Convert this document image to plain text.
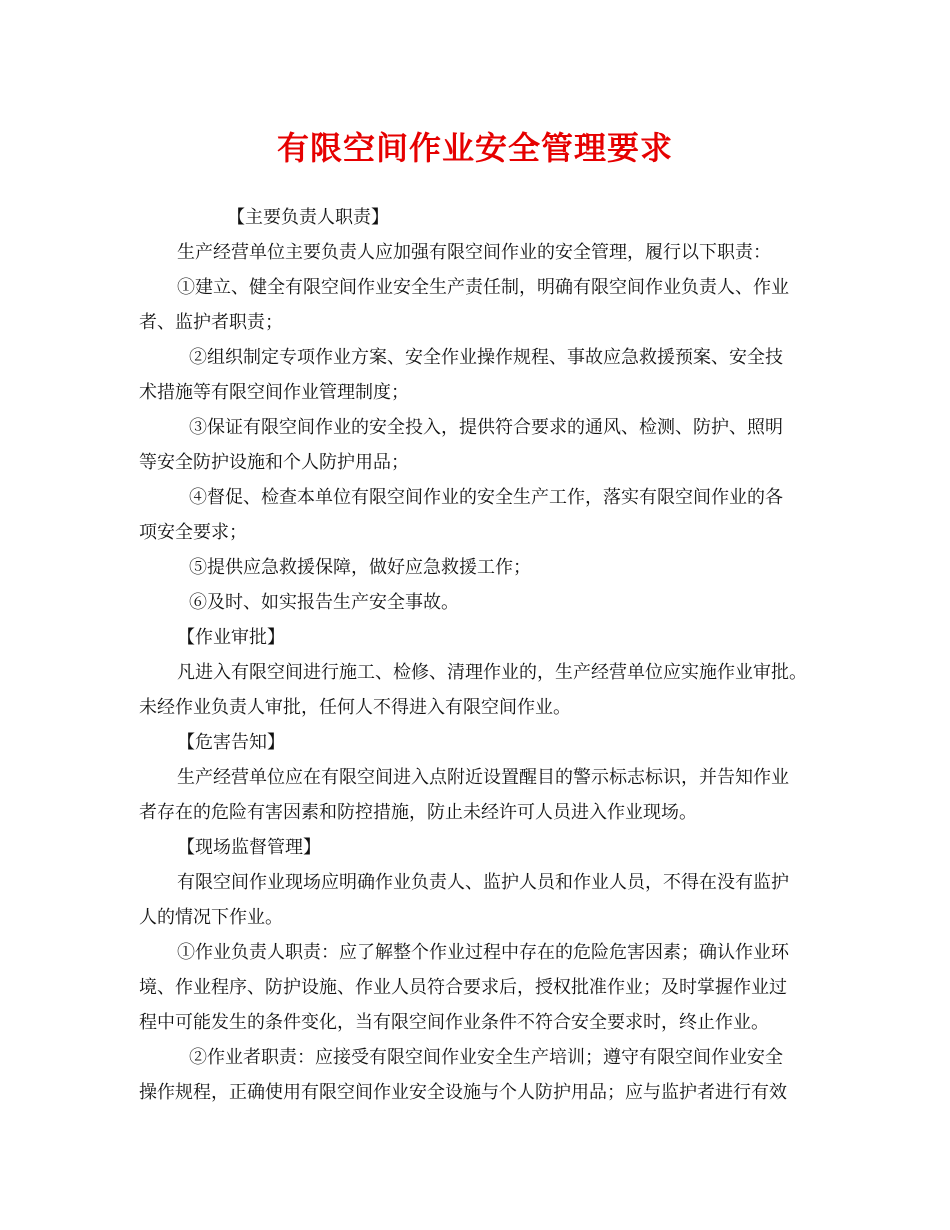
有限空间作业安全管理要求
【主要负责人职责】
生产经营单位主要负责人应加强有限空间作业的安全管理，履行以下职责：
①建立、健全有限空间作业安全生产责任制，明确有限空间作业负责人、作业
者、监护者职责；
②组织制定专项作业方案、安全作业操作规程、事故应急救援预案、安全技
术措施等有限空间作业管理制度；
③保证有限空间作业的安全投入，提供符合要求的通风、检测、防护、照明
等安全防护设施和个人防护用品；
④督促、检查本单位有限空间作业的安全生产工作，落实有限空间作业的各
项安全要求；
⑤提供应急救援保障，做好应急救援工作；
⑥及时、如实报告生产安全事故。
【作业审批】
凡进入有限空间进行施工、检修、清理作业的，生产经营单位应实施作业审批。
未经作业负责人审批，任何人不得进入有限空间作业。
【危害告知】
生产经营单位应在有限空间进入点附近设置醒目的警示标志标识，并告知作业
者存在的危险有害因素和防控措施，防止未经许可人员进入作业现场。
【现场监督管理】
有限空间作业现场应明确作业负责人、监护人员和作业人员，不得在没有监护
人的情况下作业。
①作业负责人职责：应了解整个作业过程中存在的危险危害因素；确认作业环
境、作业程序、防护设施、作业人员符合要求后，授权批准作业；及时掌握作业过
程中可能发生的条件变化，当有限空间作业条件不符合安全要求时，终止作业。
②作业者职责：应接受有限空间作业安全生产培训；遵守有限空间作业安全
操作规程，正确使用有限空间作业安全设施与个人防护用品；应与监护者进行有效
